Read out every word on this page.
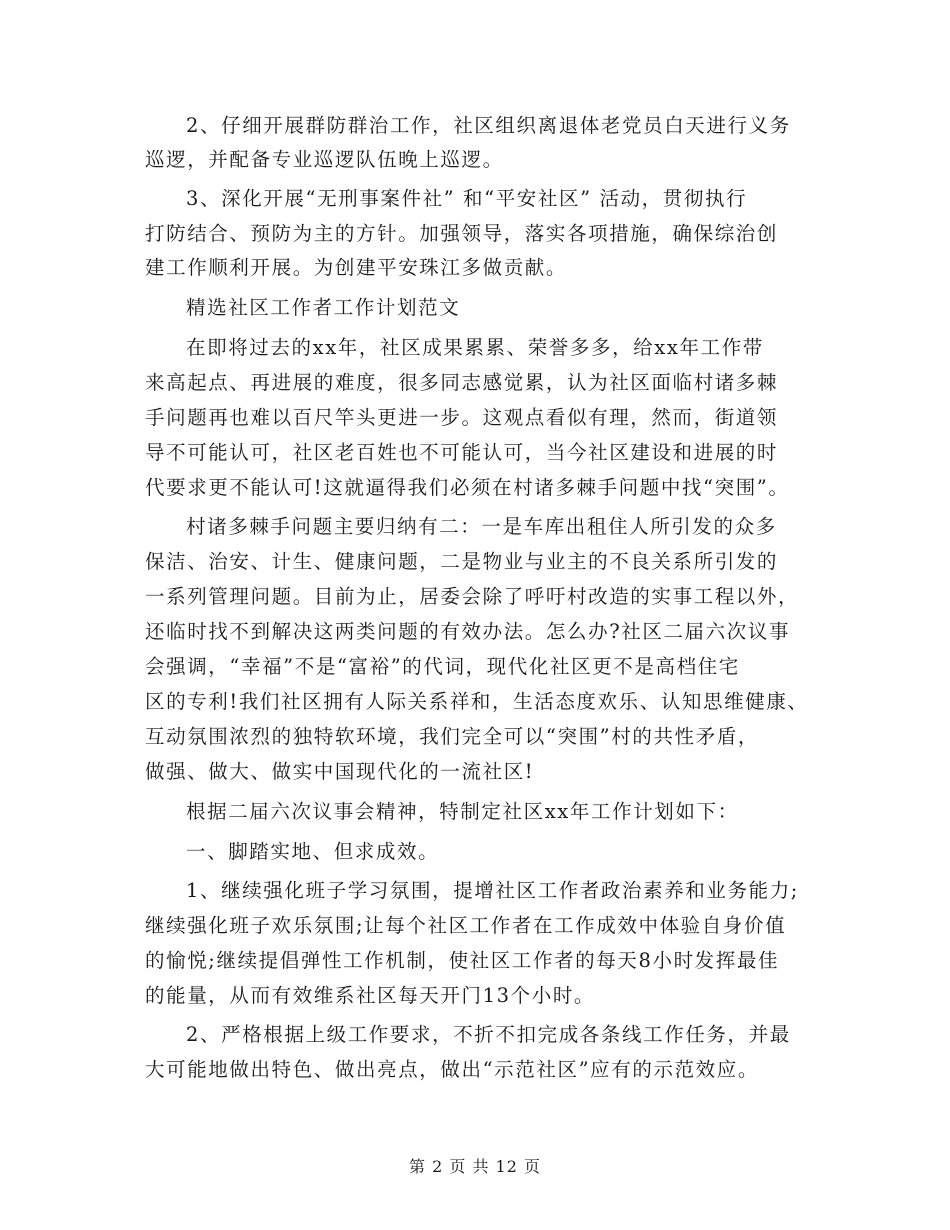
2、仔细开展群防群治工作，社区组织离退体老党员白天进行义务
巡逻，并配备专业巡逻队伍晚上巡逻。
3、深化开展“无刑事案件社” 和“平安社区” 活动，贯彻执行
打防结合、预防为主的方针。加强领导，落实各项措施，确保综治创
建工作顺利开展。为创建平安珠江多做贡献。
精选社区工作者工作计划范文
在即将过去的xx年，社区成果累累、荣誉多多，给xx年工作带
来高起点、再进展的难度，很多同志感觉累，认为社区面临村诸多棘
手问题再也难以百尺竿头更进一步。这观点看似有理，然而，街道领
导不可能认可，社区老百姓也不可能认可，当今社区建设和进展的时
代要求更不能认可!这就逼得我们必须在村诸多棘手问题中找“突围”。
村诸多棘手问题主要归纳有二：一是车库出租住人所引发的众多
保洁、治安、计生、健康问题，二是物业与业主的不良关系所引发的
一系列管理问题。目前为止，居委会除了呼吁村改造的实事工程以外，
还临时找不到解决这两类问题的有效办法。怎么办?社区二届六次议事
会强调，“幸福”不是“富裕”的代词，现代化社区更不是高档住宅
区的专利!我们社区拥有人际关系祥和，生活态度欢乐、认知思维健康、
互动氛围浓烈的独特软环境，我们完全可以“突围”村的共性矛盾，
做强、做大、做实中国现代化的一流社区!
根据二届六次议事会精神，特制定社区xx年工作计划如下：
一、脚踏实地、但求成效。
1、继续强化班子学习氛围，提增社区工作者政治素养和业务能力;
继续强化班子欢乐氛围;让每个社区工作者在工作成效中体验自身价值
的愉悦;继续提倡弹性工作机制，使社区工作者的每天8小时发挥最佳
的能量，从而有效维系社区每天开门13个小时。
2、严格根据上级工作要求，不折不扣完成各条线工作任务，并最
大可能地做出特色、做出亮点，做出“示范社区”应有的示范效应。
第 2 页 共 12 页
